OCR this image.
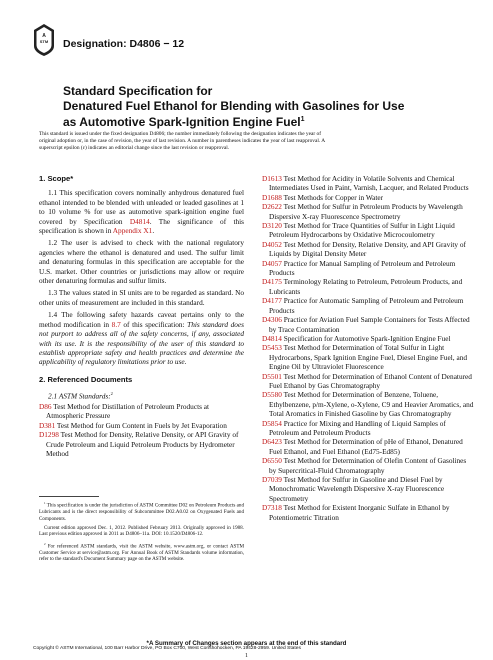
A
STM Designation: D4806 − 12
Standard Specification for
Denatured Fuel Ethanol for Blending with Gasolines for Use
as Automotive Spark-Ignition Engine Fuel$^1$
This standard is issued under the fixed designation D4806; the number immediately following the designation indicates the year of
original adoption or, in the case of revision, the year of last revision. A number in parentheses indicates the year of last reapproval. A
superscript epsilon (ε) indicates an editorial change since the last revision or reapproval.

1. Scope*

1.1 This specification covers nominally anhydrous denatured fuel ethanol intended to be blended with unleaded or leaded gasolines at 1 to 10 volume % for use as automotive spark-ignition engine fuel covered by Specification D4814. The significance of this specification is shown in Appendix X1.

1.2 The user is advised to check with the national regulatory agencies where the ethanol is denatured and used. The sulfur limit and denaturing formulas in this specification are acceptable for the U.S. market. Other countries or jurisdictions may allow or require other denaturing formulas and sulfur limits.

1.3 The values stated in SI units are to be regarded as standard. No other units of measurement are included in this standard.

1.4 The following safety hazards caveat pertains only to the method modification in 8.7 of this specification: This standard does not purport to address all of the safety concerns, if any, associated with its use. It is the responsibility of the user of this standard to establish appropriate safety and health practices and determine the applicability of regulatory limitations prior to use.

2. Referenced Documents

2.1 ASTM Standards:$^2$

D86 Test Method for Distillation of Petroleum Products at Atmospheric Pressure

D381 Test Method for Gum Content in Fuels by Jet Evaporation

D1298 Test Method for Density, Relative Density, or API Gravity of Crude Petroleum and Liquid Petroleum Products by Hydrometer Method

D1613 Test Method for Acidity in Volatile Solvents and Chemical Intermediates Used in Paint, Varnish, Lacquer, and Related Products

D1688 Test Methods for Copper in Water

D2622 Test Method for Sulfur in Petroleum Products by Wavelength Dispersive X-ray Fluorescence Spectrometry

D3120 Test Method for Trace Quantities of Sulfur in Light Liquid Petroleum Hydrocarbons by Oxidative Microcoulometry

D4052 Test Method for Density, Relative Density, and API Gravity of Liquids by Digital Density Meter

D4057 Practice for Manual Sampling of Petroleum and Petroleum Products

D4175 Terminology Relating to Petroleum, Petroleum Products, and Lubricants

D4177 Practice for Automatic Sampling of Petroleum and Petroleum Products

D4306 Practice for Aviation Fuel Sample Containers for Tests Affected by Trace Contamination

D4814 Specification for Automotive Spark-Ignition Engine Fuel

D5453 Test Method for Determination of Total Sulfur in Light Hydrocarbons, Spark Ignition Engine Fuel, Diesel Engine Fuel, and Engine Oil by Ultraviolet Fluorescence

D5501 Test Method for Determination of Ethanol Content of Denatured Fuel Ethanol by Gas Chromatography

D5580 Test Method for Determination of Benzene, Toluene, Ethylbenzene, p/m-Xylene, o-Xylene, C9 and Heavier Aromatics, and Total Aromatics in Finished Gasoline by Gas Chromatography

D5854 Practice for Mixing and Handling of Liquid Samples of Petroleum and Petroleum Products

D6423 Test Method for Determination of pHe of Ethanol, Denatured Fuel Ethanol, and Fuel Ethanol (Ed75-Ed85)

D6550 Test Method for Determination of Olefin Content of Gasolines by Supercritical-Fluid Chromatography

D7039 Test Method for Sulfur in Gasoline and Diesel Fuel by Monochromatic Wavelength Dispersive X-ray Fluorescence Spectrometry

D7318 Test Method for Existent Inorganic Sulfate in Ethanol by Potentiometric Titration

$^1$ This specification is under the jurisdiction of ASTM Committee D02 on Petroleum Products and Lubricants and is the direct responsibility of Subcommittee D02.A0.02 on Oxygenated Fuels and Components.

Current edition approved Dec. 1, 2012. Published February 2013. Originally approved in 1988. Last previous edition approved in 2011 as D4806–11a. DOI: 10.1520/D4806-12.

$^2$ For referenced ASTM standards, visit the ASTM website, www.astm.org, or contact ASTM Customer Service at service@astm.org. For Annual Book of ASTM Standards volume information, refer to the standard's Document Summary page on the ASTM website.

*A Summary of Changes section appears at the end of this standard
Copyright © ASTM International, 100 Barr Harbor Drive, PO Box C700, West Conshohocken, PA 19428-2959. United States
1
